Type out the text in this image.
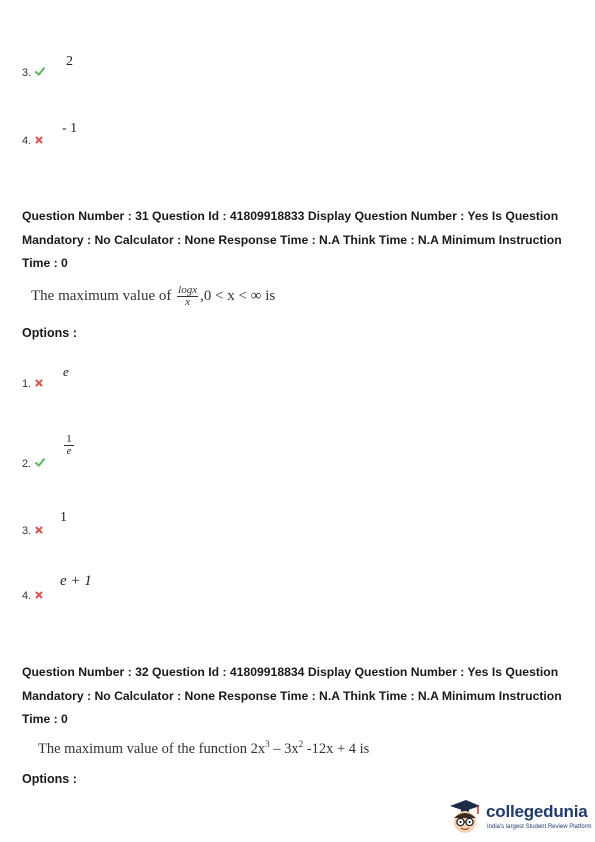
3.
2
4.
- 1
Question Number : 31 Question Id : 41809918833 Display Question Number : Yes Is Question Mandatory : No Calculator : None Response Time : N.A Think Time : N.A Minimum Instruction Time : 0
The maximum value of $\frac{\log x}{x} ,0 < x$ < ∞ is
Options :
1.
e
2.
$\frac{1}{e}$
3.
1
4.
e + 1
Question Number : 32 Question Id : 41809918834 Display Question Number : Yes Is Question Mandatory : No Calculator : None Response Time : N.A Think Time : N.A Minimum Instruction Time : 0
The maximum value of the function $2x^3 - 3x^2$ -12x + 4 is
Options :
collegedunia
India's largest Student Review Platform
